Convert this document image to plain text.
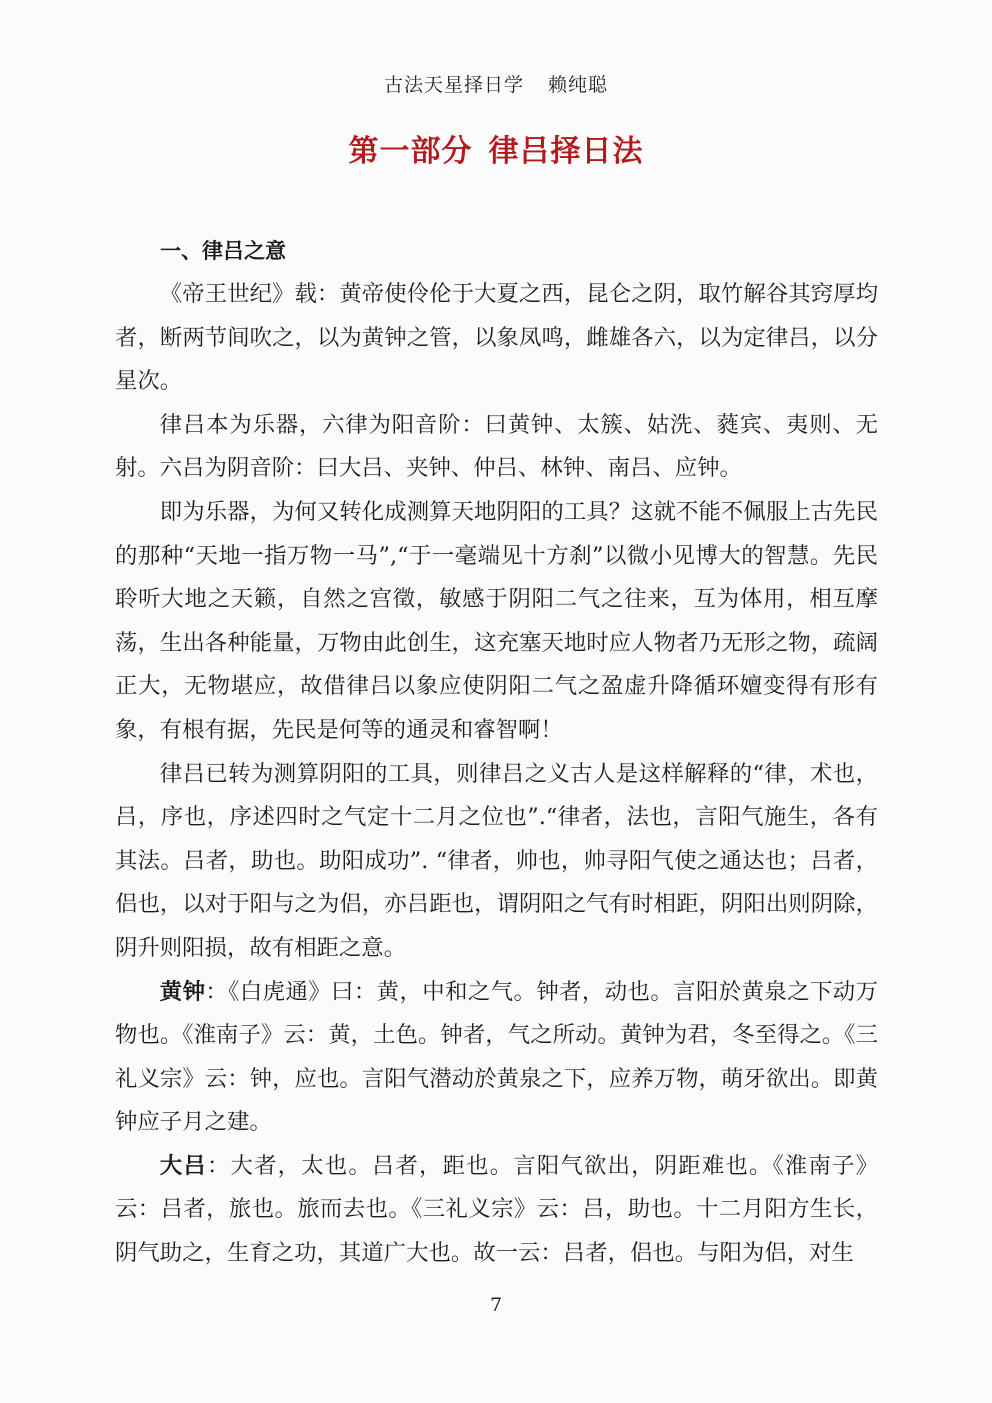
古法天星择日学 赖纯聪
第一部分 律吕择日法
一、律吕之意

《帝王世纪》载：黄帝使伶伦于大夏之西，昆仑之阴，取竹解谷其窍厚均者，断两节间吹之，以为黄钟之管，以象凤鸣，雌雄各六，以为定律吕，以分星次。

律吕本为乐器，六律为阳音阶：曰黄钟、太簇、姑洗、蕤宾、夷则、无射。六吕为阴音阶：曰大吕、夹钟、仲吕、林钟、南吕、应钟。

即为乐器，为何又转化成测算天地阴阳的工具？这就不能不佩服上古先民的那种“天地一指万物一马”,“于一毫端见十方刹”以微小见博大的智慧。先民聆听大地之天籁，自然之宫徵，敏感于阴阳二气之往来，互为体用，相互摩荡，生出各种能量，万物由此创生，这充塞天地时应人物者乃无形之物，疏阔正大，无物堪应，故借律吕以象应使阴阳二气之盈虚升降循环嬗变得有形有象，有根有据，先民是何等的通灵和睿智啊！

律吕已转为测算阴阳的工具，则律吕之义古人是这样解释的“律，术也，吕，序也，序述四时之气定十二月之位也”.“律者，法也，言阳气施生，各有其法。吕者，助也。助阳成功”. “律者，帅也，帅寻阳气使之通达也；吕者，侣也，以对于阳与之为侣，亦吕距也，谓阴阳之气有时相距，阴阳出则阴除，阴升则阳损，故有相距之意。

黄钟：《白虎通》曰：黄，中和之气。钟者，动也。言阳於黄泉之下动万物也。《淮南子》云：黄，土色。钟者，气之所动。黄钟为君，冬至得之。《三礼义宗》云：钟，应也。言阳气潜动於黄泉之下，应养万物，萌牙欲出。即黄钟应子月之建。

大吕：大者，太也。吕者，距也。言阳气欲出，阴距难也。《淮南子》云：吕者，旅也。旅而去也。《三礼义宗》云：吕，助也。十二月阳方生长，阴气助之，生育之功，其道广大也。故一云：吕者，侣也。与阳为侣，对生

7
